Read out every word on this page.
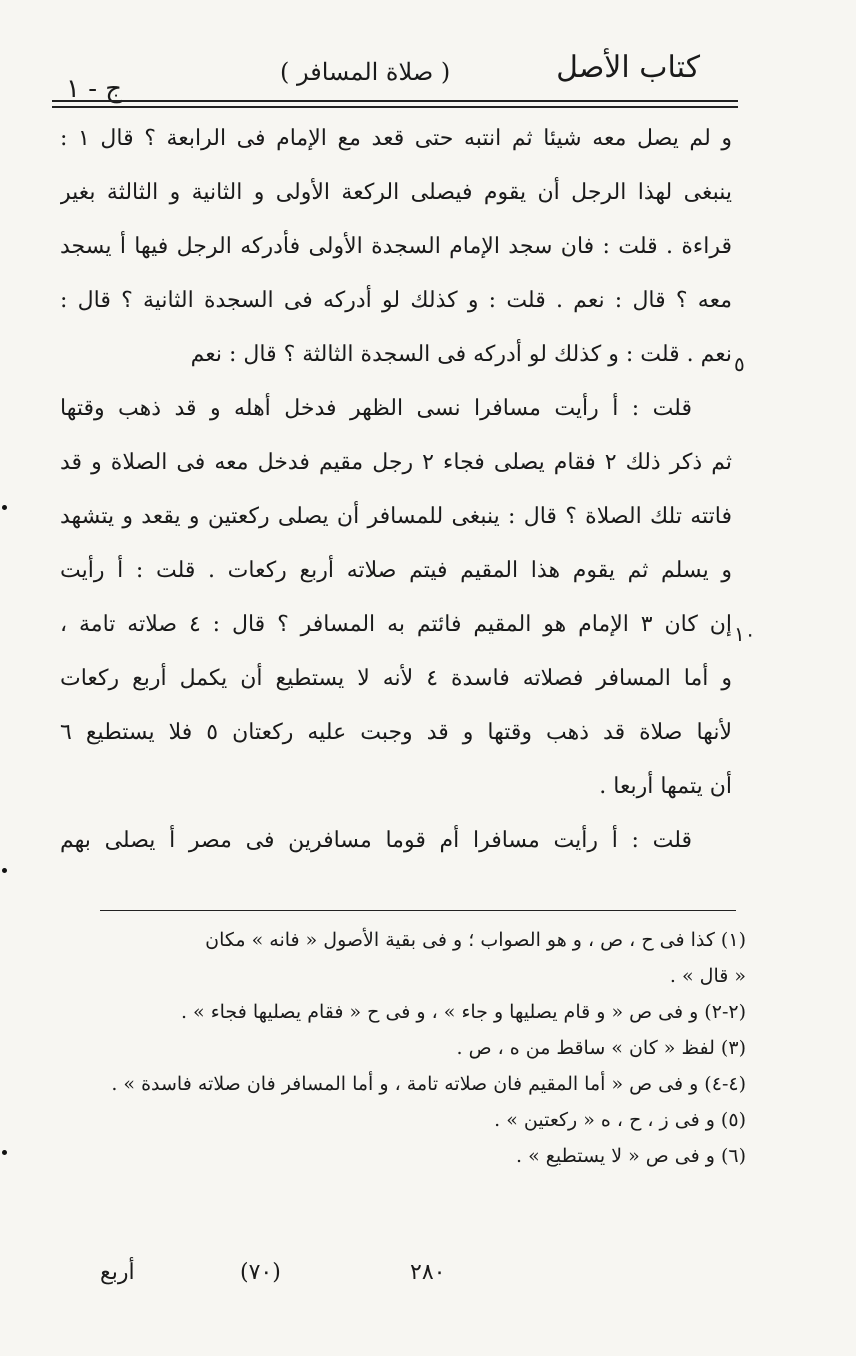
كتاب الأصل
( صلاة المسافر )
ج - ١
و لم يصل معه شيئا ثم انتبه حتى قعد مع الإمام فى الرابعة ؟ قال ١ :
ينبغى لهذا الرجل أن يقوم فيصلى الركعة الأولى و الثانية و الثالثة بغير
قراءة . قلت : فان سجد الإمام السجدة الأولى فأدركه الرجل فيها أ يسجد
معه ؟ قال : نعم . قلت : و كذلك لو أدركه فى السجدة الثانية ؟ قال :
نعم . قلت : و كذلك لو أدركه فى السجدة الثالثة ؟ قال : نعم
قلت : أ رأيت مسافرا نسى الظهر فدخل أهله و قد ذهب وقتها
ثم ذكر ذلك ٢ فقام يصلى فجاء ٢ رجل مقيم فدخل معه فى الصلاة و قد
فاتته تلك الصلاة ؟ قال : ينبغى للمسافر أن يصلى ركعتين و يقعد و يتشهد
و يسلم ثم يقوم هذا المقيم فيتم صلاته أربع ركعات . قلت : أ رأيت
إن كان ٣ الإمام هو المقيم فائتم به المسافر ؟ قال : ٤ صلاته تامة ،
و أما المسافر فصلاته فاسدة ٤ لأنه لا يستطيع أن يكمل أربع ركعات
لأنها صلاة قد ذهب وقتها و قد وجبت عليه ركعتان ٥ فلا يستطيع ٦
أن يتمها أربعا .
قلت : أ رأيت مسافرا أم قوما مسافرين فى مصر أ يصلى بهم
٥
١٠
(١) كذا فى ح ، ص ، و هو الصواب ؛ و فى بقية الأصول « فانه » مكان
« قال » .
(٢-٢) و فى ص « و قام يصليها و جاء » ، و فى ح « فقام يصليها فجاء » .
(٣) لفظ « كان » ساقط من ه ، ص .
(٤-٤) و فى ص « أما المقيم فان صلاته تامة ، و أما المسافر فان صلاته فاسدة » .
(٥) و فى ز ، ح ، ه « ركعتين » .
(٦) و فى ص « لا يستطيع » .
أربع	(٧٠)	٢٨٠
